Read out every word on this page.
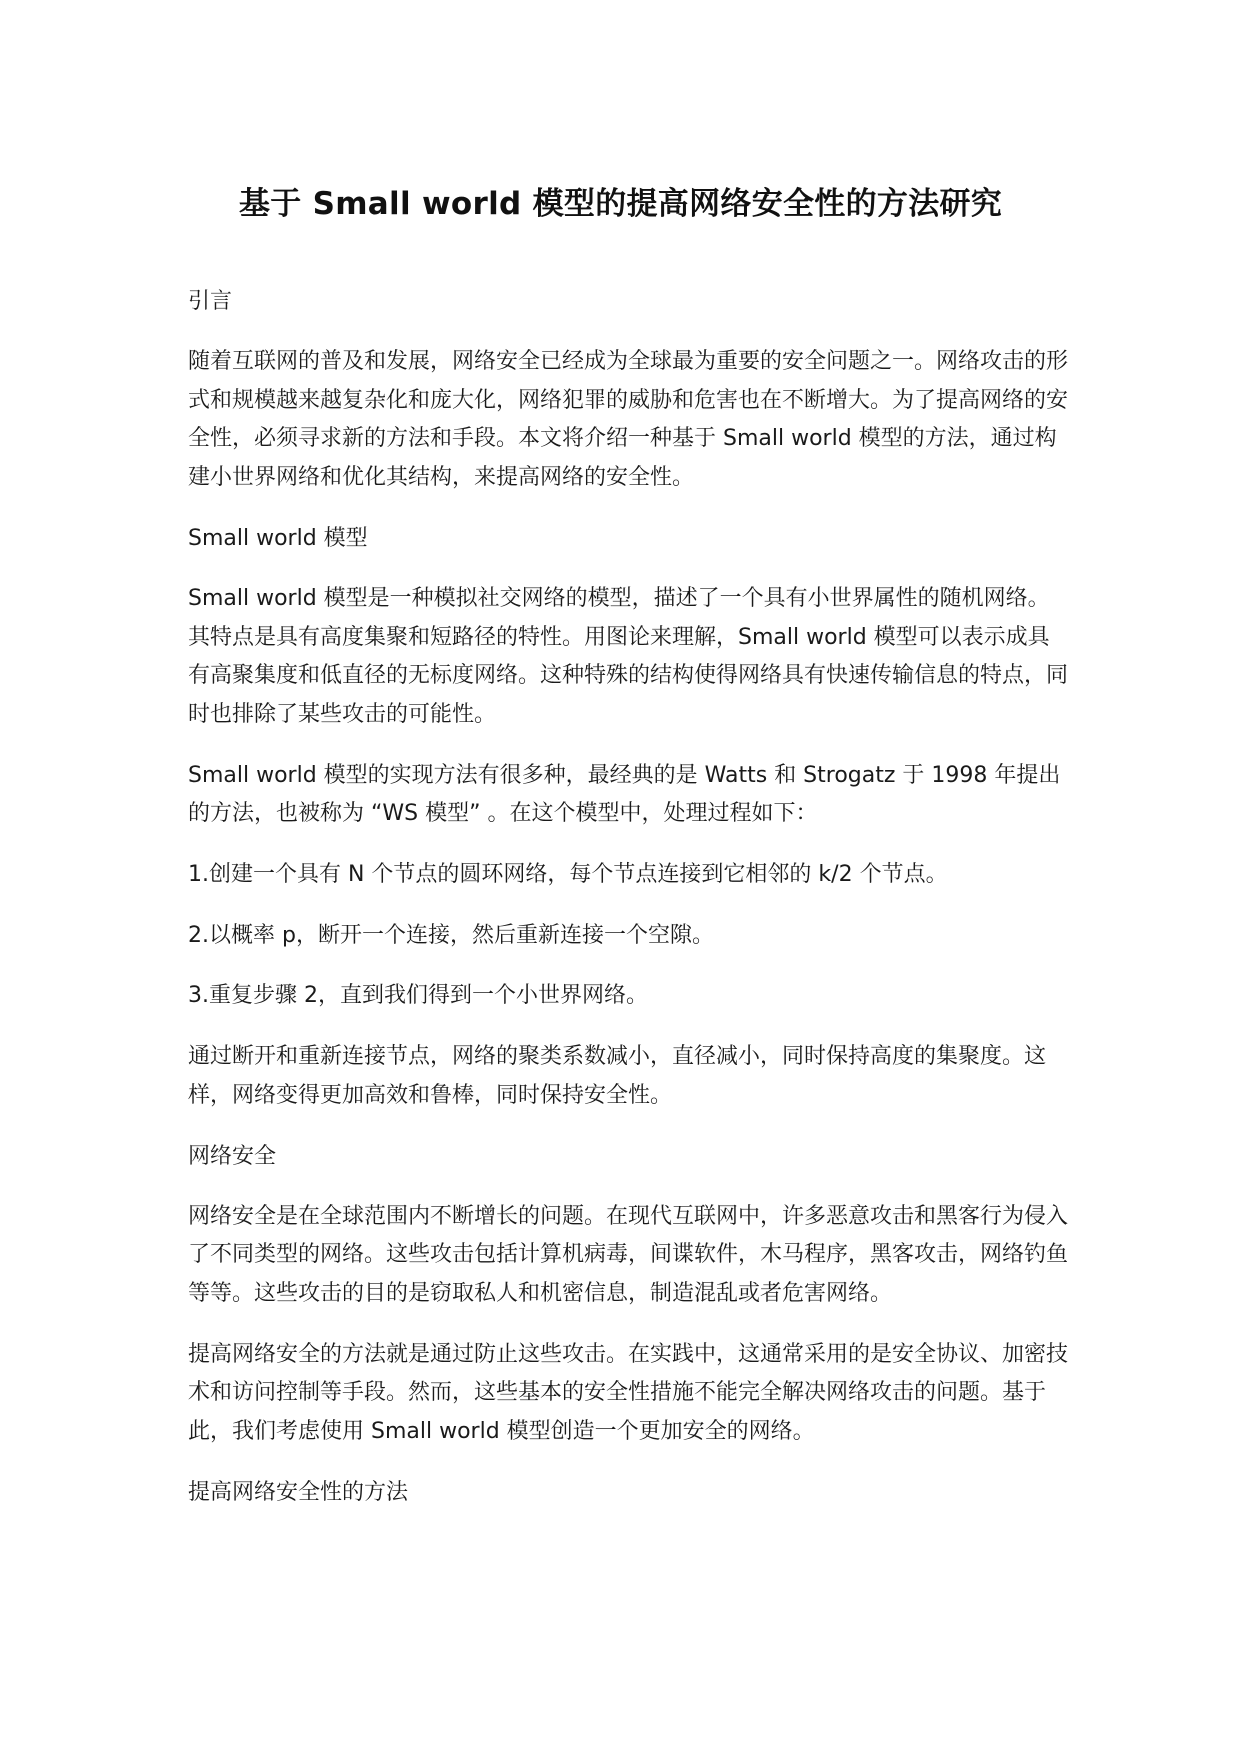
基于 Small world 模型的提高网络安全性的方法研究
引言
随着互联网的普及和发展，网络安全已经成为全球最为重要的安全问题之一。网络攻击的形式和规模越来越复杂化和庞大化，网络犯罪的威胁和危害也在不断增大。为了提高网络的安全性，必须寻求新的方法和手段。本文将介绍一种基于 Small world 模型的方法，通过构建小世界网络和优化其结构，来提高网络的安全性。
Small world 模型
Small world 模型是一种模拟社交网络的模型，描述了一个具有小世界属性的随机网络。其特点是具有高度集聚和短路径的特性。用图论来理解，Small world 模型可以表示成具有高聚集度和低直径的无标度网络。这种特殊的结构使得网络具有快速传输信息的特点，同时也排除了某些攻击的可能性。
Small world 模型的实现方法有很多种，最经典的是 Watts 和 Strogatz 于 1998 年提出的方法，也被称为 “WS 模型” 。在这个模型中，处理过程如下：
1.创建一个具有 N 个节点的圆环网络，每个节点连接到它相邻的 k/2 个节点。
2.以概率 p，断开一个连接，然后重新连接一个空隙。
3.重复步骤 2，直到我们得到一个小世界网络。
通过断开和重新连接节点，网络的聚类系数减小，直径减小，同时保持高度的集聚度。这样，网络变得更加高效和鲁棒，同时保持安全性。
网络安全
网络安全是在全球范围内不断增长的问题。在现代互联网中，许多恶意攻击和黑客行为侵入了不同类型的网络。这些攻击包括计算机病毒，间谍软件，木马程序，黑客攻击，网络钓鱼等等。这些攻击的目的是窃取私人和机密信息，制造混乱或者危害网络。
提高网络安全的方法就是通过防止这些攻击。在实践中，这通常采用的是安全协议、加密技术和访问控制等手段。然而，这些基本的安全性措施不能完全解决网络攻击的问题。基于此，我们考虑使用 Small world 模型创造一个更加安全的网络。
提高网络安全性的方法
